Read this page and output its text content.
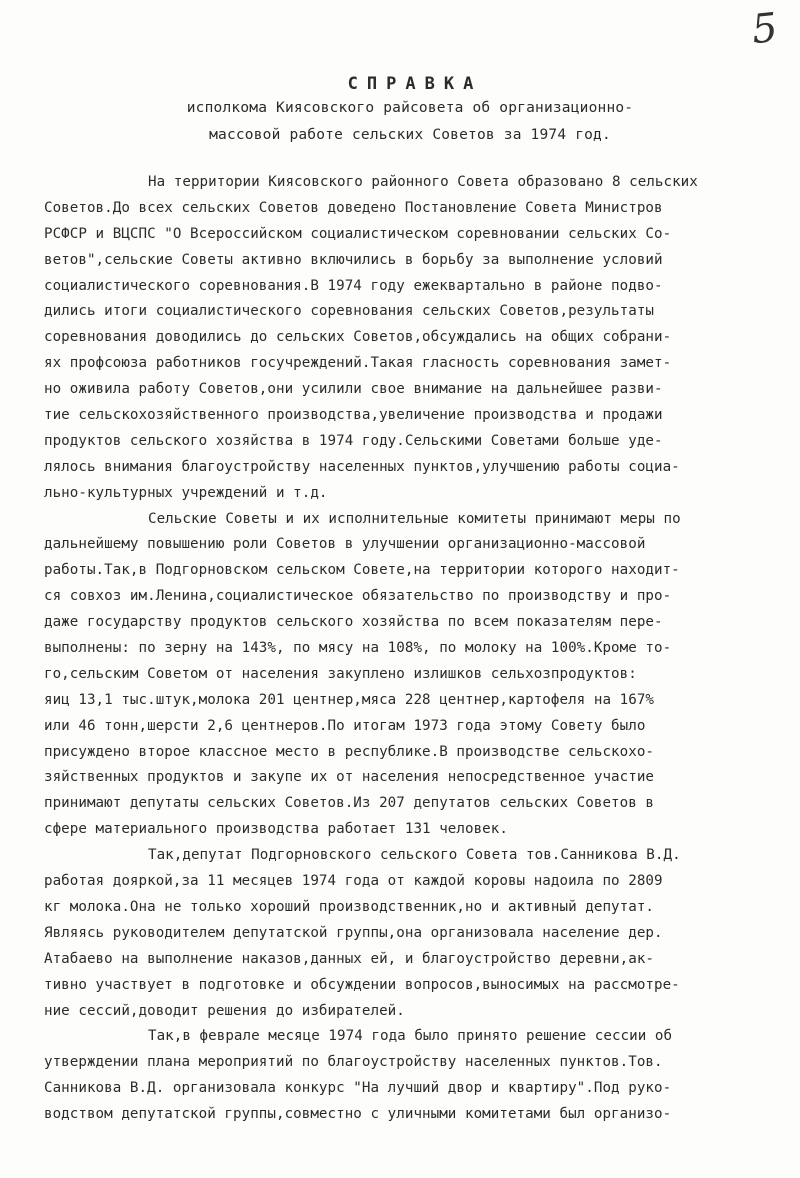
5
СПРАВКА
исполкома Киясовского райсовета об организационно-
массовой работе сельских Советов за 1974 год.
На территории Киясовского районного Совета образовано 8 сельских
Советов.До всех сельских Советов доведено Постановление Совета Министров
РСФСР и ВЦСПС "О Всероссийском социалистическом соревновании сельских Со-
ветов",сельские Советы активно включились в борьбу за выполнение условий
социалистического соревнования.В 1974 году ежеквартально в районе подво-
дились итоги социалистического соревнования сельских Советов,результаты
соревнования доводились до сельских Советов,обсуждались на общих собрани-
ях профсоюза работников госучреждений.Такая гласность соревнования замет-
но оживила работу Советов,они усилили свое внимание на дальнейшее разви-
тие сельскохозяйственного производства,увеличение производства и продажи
продуктов сельского хозяйства в 1974 году.Сельскими Советами больше уде-
лялось внимания благоустройству населенных пунктов,улучшению работы социа-
льно-культурных учреждений и т.д.
Сельские Советы и их исполнительные комитеты принимают меры по
дальнейшему повышению роли Советов в улучшении организационно-массовой
работы.Так,в Подгорновском сельском Совете,на территории которого находит-
ся совхоз им.Ленина,социалистическое обязательство по производству и про-
даже государству продуктов сельского хозяйства по всем показателям пере-
выполнены: по зерну на 143%, по мясу на 108%, по молоку на 100%.Кроме то-
го,сельским Советом от населения закуплено излишков сельхозпродуктов:
яиц 13,1 тыс.штук,молока 201 центнер,мяса 228 центнер,картофеля на 167%
или 46 тонн,шерсти 2,6 центнеров.По итогам 1973 года этому Совету было
присуждено второе классное место в республике.В производстве сельскохо-
зяйственных продуктов и закупе их от населения непосредственное участие
принимают депутаты сельских Советов.Из 207 депутатов сельских Советов в
сфере материального производства работает 131 человек.
Так,депутат Подгорновского сельского Совета тов.Санникова В.Д.
работая дояркой,за 11 месяцев 1974 года от каждой коровы надоила по 2809
кг молока.Она не только хороший производственник,но и активный депутат.
Являясь руководителем депутатской группы,она организовала население дер.
Атабаево на выполнение наказов,данных ей, и благоустройство деревни,ак-
тивно участвует в подготовке и обсуждении вопросов,выносимых на рассмотре-
ние сессий,доводит решения до избирателей.
Так,в феврале месяце 1974 года было принято решение сессии об
утверждении плана мероприятий по благоустройству населенных пунктов.Тов.
Санникова В.Д. организовала конкурс "На лучший двор и квартиру".Под руко-
водством депутатской группы,совместно с уличными комитетами был организо-
